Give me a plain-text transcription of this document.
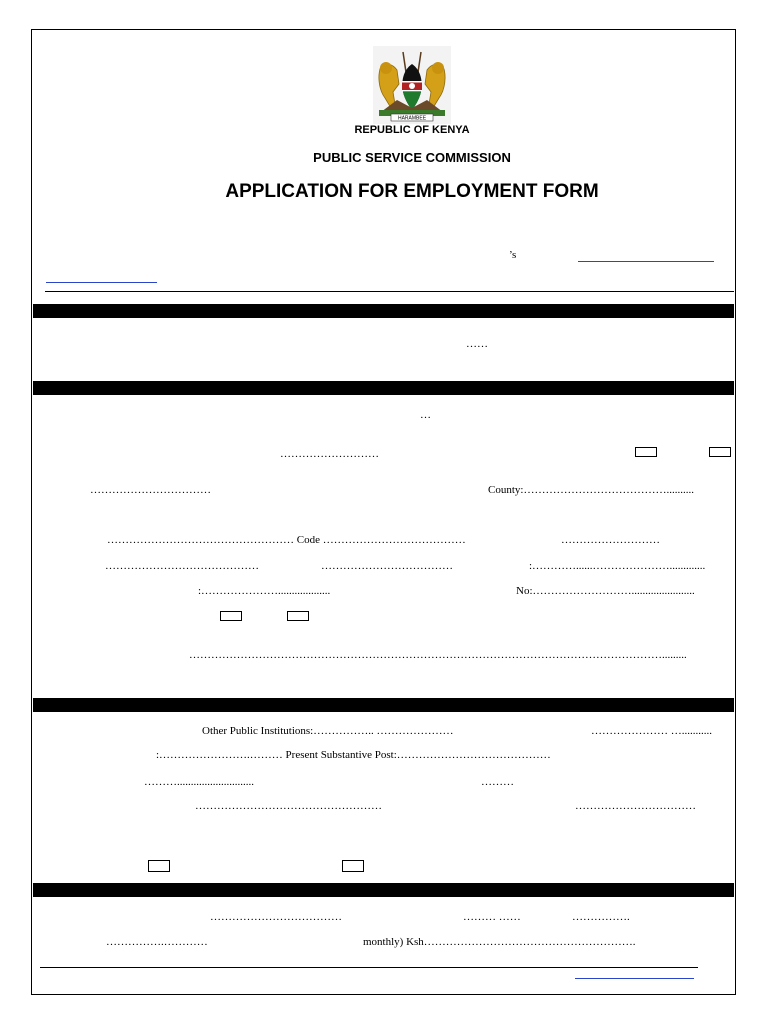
HARAMBEE
REPUBLIC OF KENYA
PUBLIC SERVICE COMMISSION
APPLICATION FOR EMPLOYMENT FORM
’s
……
…
………………………
……………………………	County:…………………………………..........
…………………………………………… Code …………………………………	………………………
……………………………………	………………………………	:…………......………………….............
:…………………...................	No:……………………….......................
………………………………………………………………………………………………………………….........
Other Public Institutions:…………….. …………………	………………… …...........
:…………………….……… Present Substantive Post:……………………………………
………............................	………
……………………………………………	……………………………
………………………………	……… ……	…………….
…………….…………	monthly) Ksh………………………………………………….
